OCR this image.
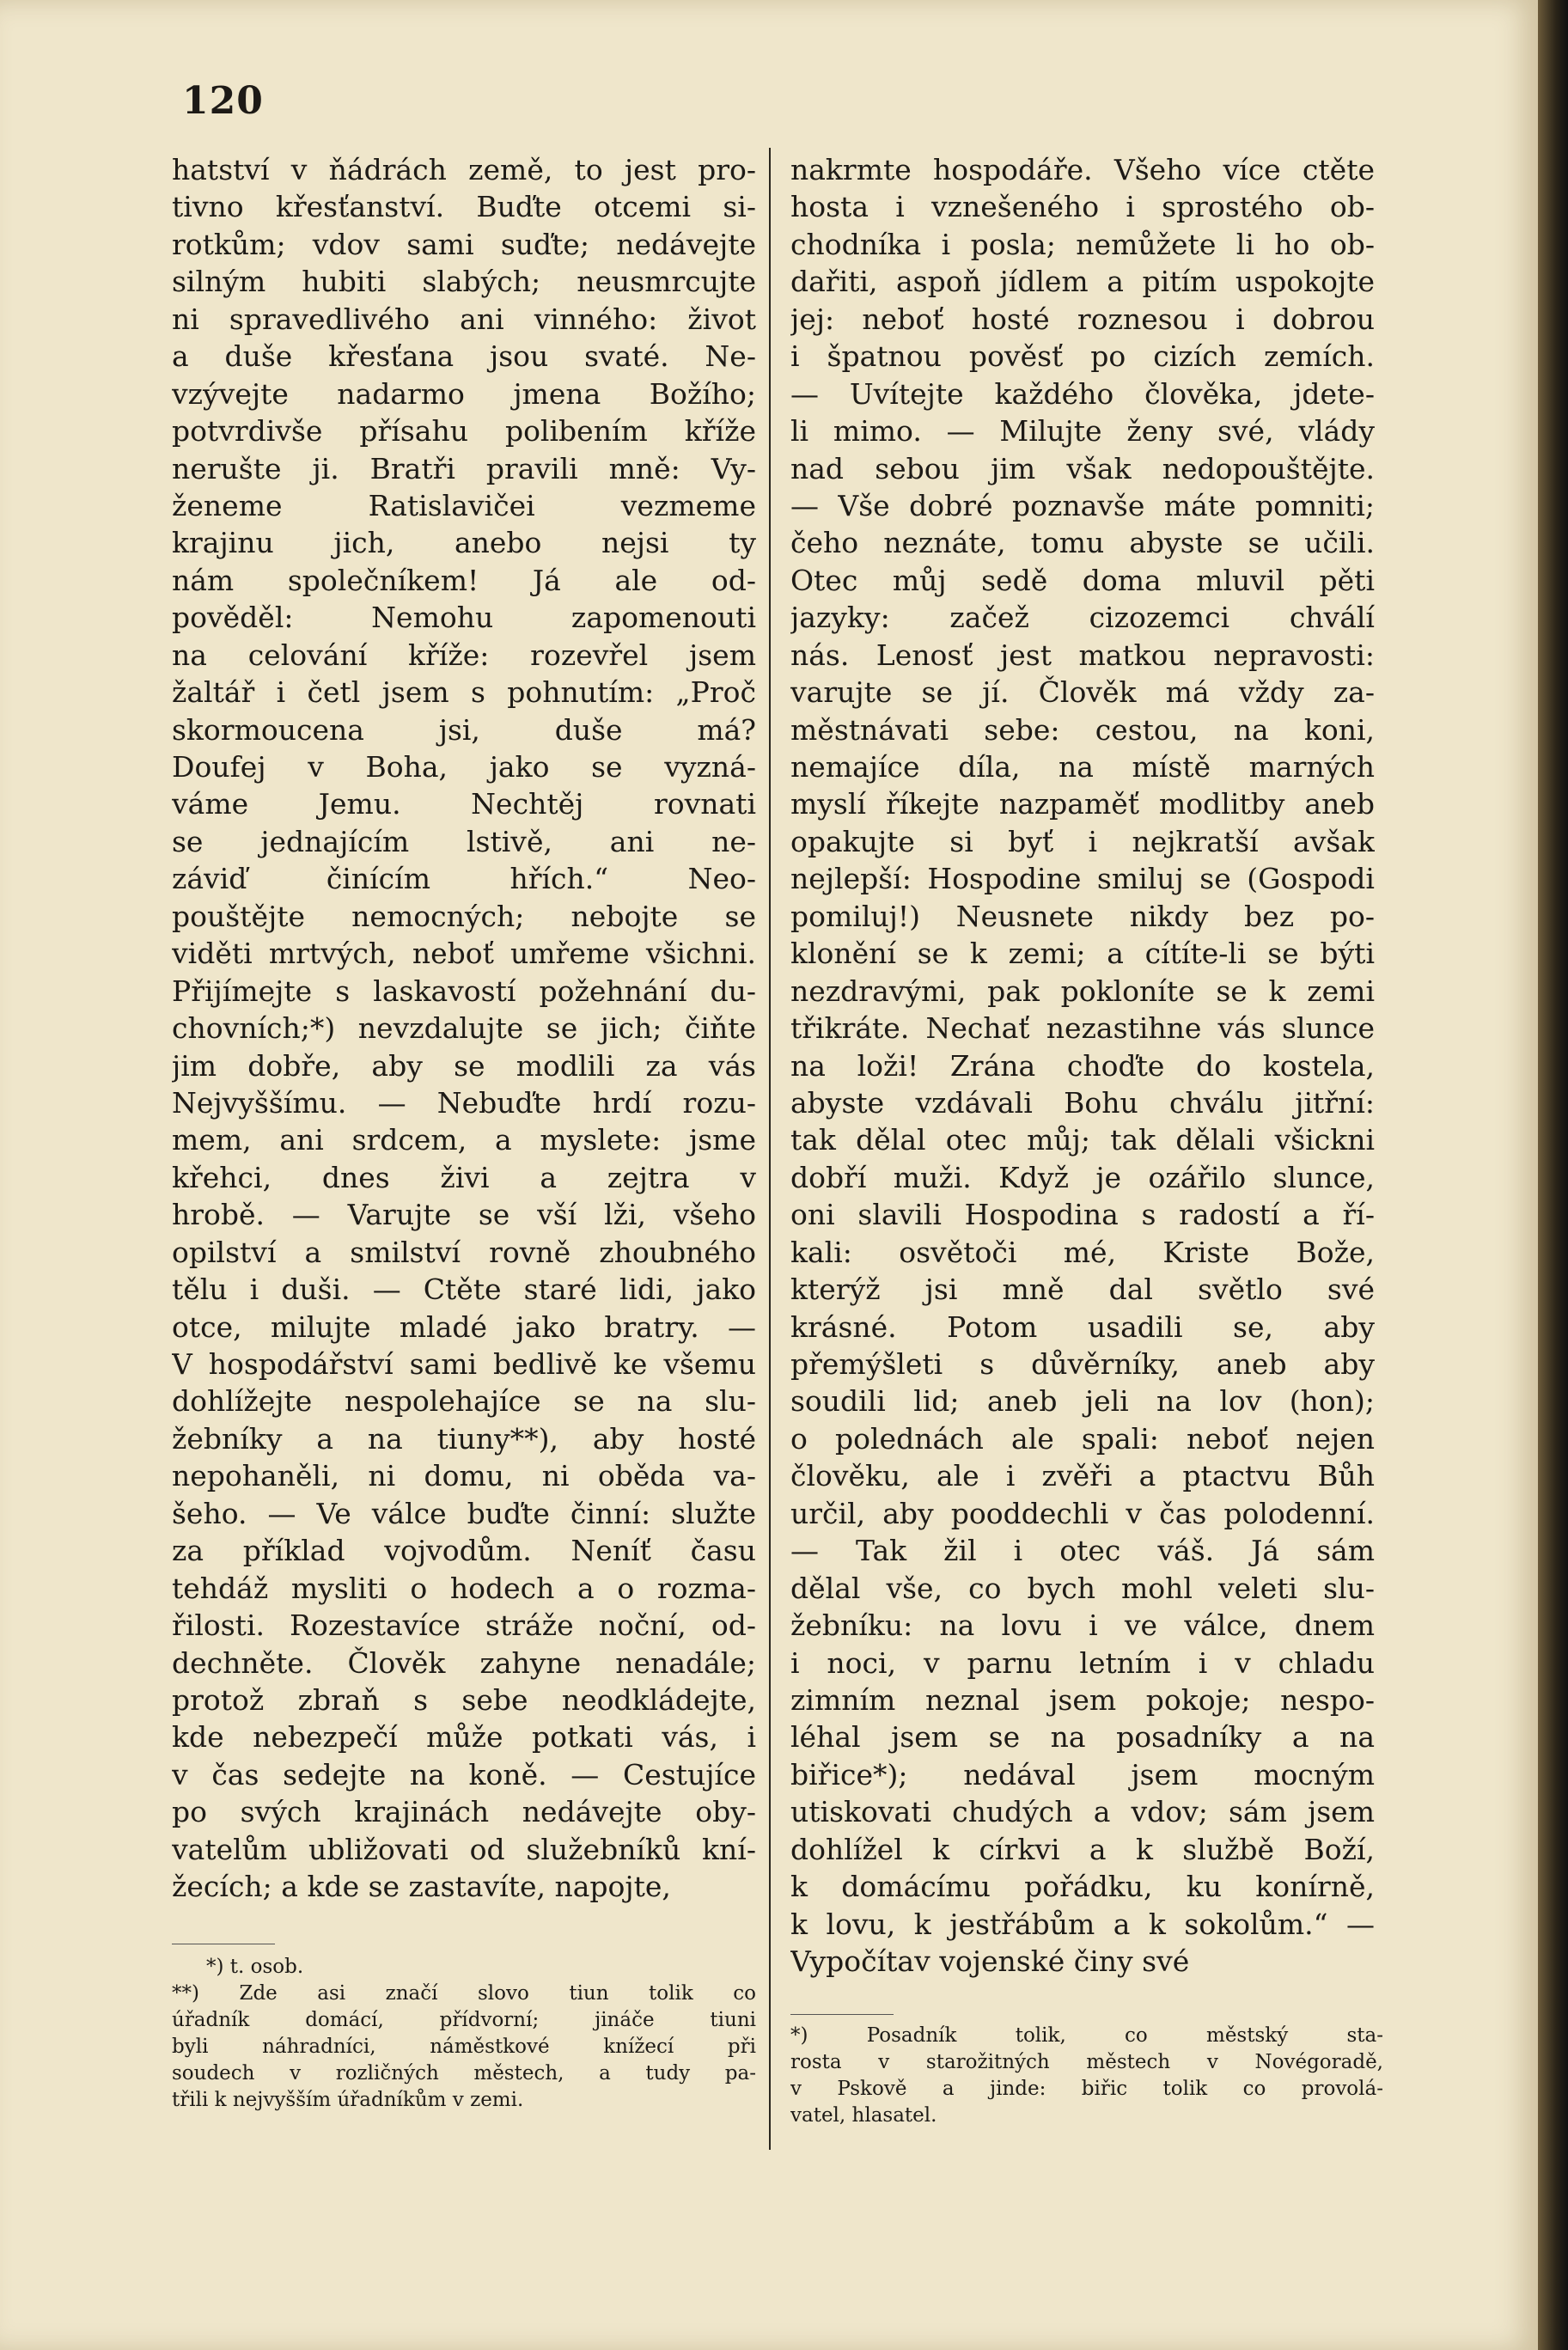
120
hatství v ňádrách země, to jest pro-
tivno křesťanství. Buďte otcemi si-
rotkům; vdov sami suďte; nedávejte
silným hubiti slabých; neusmrcujte
ni spravedlivého ani vinného: život
a duše křesťana jsou svaté. Ne-
vzývejte nadarmo jmena Božího;
potvrdivše přísahu polibením kříže
nerušte ji. Bratři pravili mně: Vy-
ženeme Ratislavičei vezmeme
krajinu jich, anebo nejsi ty
nám společníkem! Já ale od-
pověděl: Nemohu zapomenouti
na celování kříže: rozevřel jsem
žaltář i četl jsem s pohnutím: „Proč
skormoucena jsi, duše má?
Doufej v Boha, jako se vyzná-
váme Jemu. Nechtěj rovnati
se jednajícím lstivě, ani ne-
záviď činícím hřích.“ Neo-
pouštějte nemocných; nebojte se
viděti mrtvých, neboť umřeme všichni.
Přijímejte s laskavostí požehnání du-
chovních;*) nevzdalujte se jich; čiňte
jim dobře, aby se modlili za vás
Nejvyššímu. — Nebuďte hrdí rozu-
mem, ani srdcem, a myslete: jsme
křehci, dnes živi a zejtra v
hrobě. — Varujte se vší lži, všeho
opilství a smilství rovně zhoubného
tělu i duši. — Ctěte staré lidi, jako
otce, milujte mladé jako bratry. —
V hospodářství sami bedlivě ke všemu
dohlížejte nespolehajíce se na slu-
žebníky a na tiuny**), aby hosté
nepohaněli, ni domu, ni oběda va-
šeho. — Ve válce buďte činní: služte
za příklad vojvodům. Neníť času
tehdáž mysliti o hodech a o rozma-
řilosti. Rozestavíce stráže noční, od-
dechněte. Člověk zahyne nenadále;
protož zbraň s sebe neodkládejte,
kde nebezpečí může potkati vás, i
v čas sedejte na koně. — Cestujíce
po svých krajinách nedávejte oby-
vatelům ubližovati od služebníků kní-
žecích; a kde se zastavíte, napojte,
nakrmte hospodáře. Všeho více ctěte
hosta i vznešeného i sprostého ob-
chodníka i posla; nemůžete li ho ob-
dařiti, aspoň jídlem a pitím uspokojte
jej: neboť hosté roznesou i dobrou
i špatnou pověsť po cizích zemích.
— Uvítejte každého člověka, jdete-
li mimo. — Milujte ženy své, vlády
nad sebou jim však nedopouštějte.
— Vše dobré poznavše máte pomniti;
čeho neznáte, tomu abyste se učili.
Otec můj sedě doma mluvil pěti
jazyky: začež cizozemci chválí
nás. Lenosť jest matkou nepravosti:
varujte se jí. Člověk má vždy za-
městnávati sebe: cestou, na koni,
nemajíce díla, na místě marných
myslí říkejte nazpaměť modlitby aneb
opakujte si byť i nejkratší avšak
nejlepší: Hospodine smiluj se (Gospodi
pomiluj!) Neusnete nikdy bez po-
klonění se k zemi; a cítíte-li se býti
nezdravými, pak pokloníte se k zemi
třikráte. Nechať nezastihne vás slunce
na loži! Zrána choďte do kostela,
abyste vzdávali Bohu chválu jitřní:
tak dělal otec můj; tak dělali všickni
dobří muži. Když je ozářilo slunce,
oni slavili Hospodina s radostí a ří-
kali: osvětoči mé, Kriste Bože,
kterýž jsi mně dal světlo své
krásné. Potom usadili se, aby
přemýšleti s důvěrníky, aneb aby
soudili lid; aneb jeli na lov (hon);
o polednách ale spali: neboť nejen
člověku, ale i zvěři a ptactvu Bůh
určil, aby pooddechli v čas polodenní.
— Tak žil i otec váš. Já sám
dělal vše, co bych mohl veleti slu-
žebníku: na lovu i ve válce, dnem
i noci, v parnu letním i v chladu
zimním neznal jsem pokoje; nespo-
léhal jsem se na posadníky a na
biřice*); nedával jsem mocným
utiskovati chudých a vdov; sám jsem
dohlížel k církvi a k službě Boží,
k domácímu pořádku, ku konírně,
k lovu, k jestřábům a k sokolům.“ —
Vypočítav vojenské činy své
*) t. osob.
**) Zde asi značí slovo tiun tolik co
úřadník domácí, přídvorní; jináče tiuni
byli náhradníci, náměstkové knížecí při
soudech v rozličných městech, a tudy pa-
třili k nejvyšším úřadníkům v zemi.
*) Posadník tolik, co městský sta-
rosta v starožitných městech v Novégoradě,
v Pskově a jinde: biřic tolik co provolá-
vatel, hlasatel.
